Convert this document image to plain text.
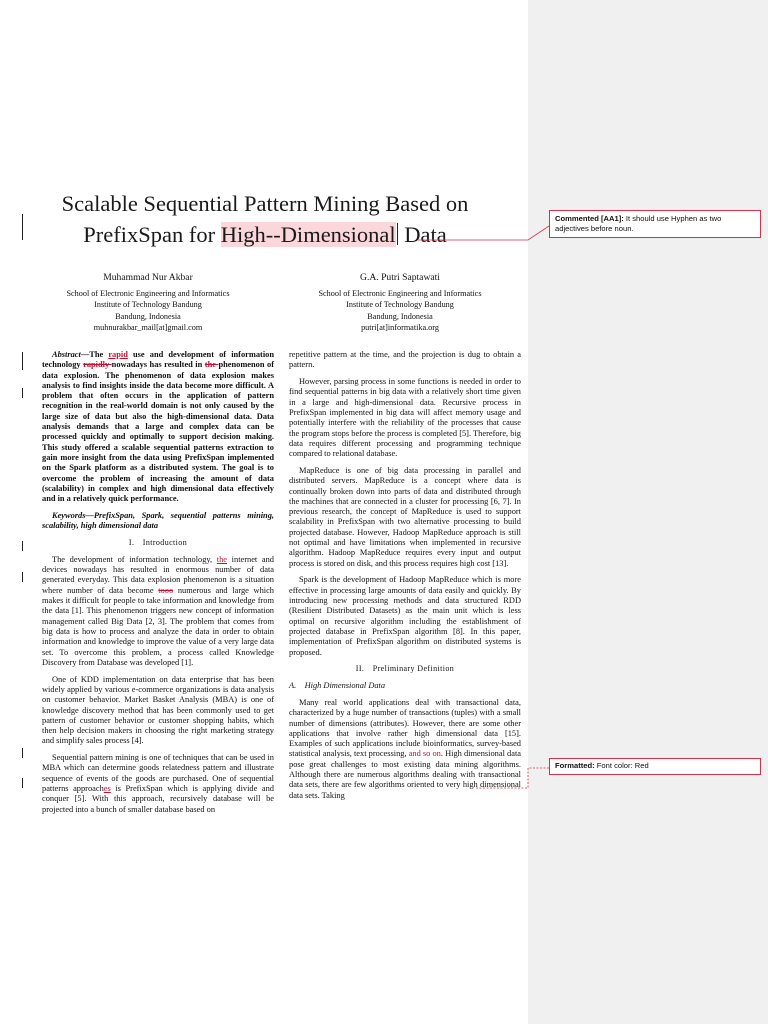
Scalable Sequential Pattern Mining Based on
PrefixSpan for High--Dimensional Data
Muhammad Nur Akbar
School of Electronic Engineering and Informatics
Institute of Technology Bandung
Bandung, Indonesia
muhnurakbar_mail[at]gmail.com
G.A. Putri Saptawati
School of Electronic Engineering and Informatics
Institute of Technology Bandung
Bandung, Indonesia
putri[at]informatika.org

Abstract—The rapid use and development of information technology rapidly nowadays has resulted in the phenomenon of data explosion. The phenomenon of data explosion makes analysis to find insights inside the data become more difficult. A problem that often occurs in the application of pattern recognition in the real-world domain is not only caused by the large size of data but also the high-dimensional data. Data analysis demands that a large and complex data can be processed quickly and optimally to support decision making. This study offered a scalable sequential patterns extraction to gain more insight from the data using PrefixSpan implemented on the Spark platform as a distributed system. The goal is to overcome the problem of increasing the amount of data (scalability) in complex and high dimensional data effectively and in a relatively quick performance.

Keywords—PrefixSpan, Spark, sequential patterns mining, scalability, high dimensional data

I. Introduction

The development of information technology, the internet and devices nowadays has resulted in enormous number of data generated everyday. This data explosion phenomenon is a situation where number of data become tooo numerous and large which makes it difficult for people to take information and knowledge from the data [1]. This phenomenon triggers new concept of information management called Big Data [2, 3]. The problem that comes from big data is how to process and analyze the data in order to obtain information and knowledge to improve the value of a very large data set. To overcome this problem, a process called Knowledge Discovery from Database was developed [1].

One of KDD implementation on data enterprise that has been widely applied by various e-commerce organizations is data analysis on customer behavior. Market Basket Analysis (MBA) is one of knowledge discovery method that has been commonly used to get pattern of customer behavior or customer shopping habits, which then help decision makers in choosing the right marketing strategy and simplify sales process [4].

Sequential pattern mining is one of techniques that can be used in MBA which can determine goods relatedness pattern and illustrate sequence of events of the goods are purchased. One of sequential patterns approaches is PrefixSpan which is applying divide and conquer [5]. With this approach, recursively database will be projected into a bunch of smaller database based on

repetitive pattern at the time, and the projection is dug to obtain a pattern.

However, parsing process in some functions is needed in order to find sequential patterns in big data with a relatively short time given in a large and high-dimensional data. Recursive process in PrefixSpan implemented in big data will affect memory usage and potentially interfere with the reliability of the processes that cause the program stops before the process is completed [5]. Therefore, big data requires different processing and programming technique compared to relational database.

MapReduce is one of big data processing in parallel and distributed servers. MapReduce is a concept where data is continually broken down into parts of data and distributed through the machines that are connected in a cluster for processing [6, 7]. In previous research, the concept of MapReduce is used to support scalability in PrefixSpan with two alternative processing to build projected database. However, Hadoop MapReduce approach is still not optimal and have limitations when implemented in recursive algorithm. Hadoop MapReduce requires every input and output process is stored on disk, and this process requires high cost [13].

Spark is the development of Hadoop MapReduce which is more effective in processing large amounts of data easily and quickly. By introducing new processing methods and data structured RDD (Resilient Distributed Datasets) as the main unit which is less optimal on recursive algorithm including the establishment of projected database in PrefixSpan algorithm [8]. In this paper, implementation of PrefixSpan algorithm on distributed systems is proposed.

II. Preliminary Definition

A. High Dimensional Data

Many real world applications deal with transactional data, characterized by a huge number of transactions (tuples) with a small number of dimensions (attributes). However, there are some other applications that involve rather high dimensional data [15]. Examples of such applications include bioinformatics, survey-based statistical analysis, text processing, and so on. High dimensional data pose great challenges to most existing data mining algorithms. Although there are numerous algorithms dealing with transactional data sets, there are few algorithms oriented to very high dimensional data sets. Taking

Commented [AA1]: It should use Hyphen as two adjectives before noun.
Formatted: Font color: Red
